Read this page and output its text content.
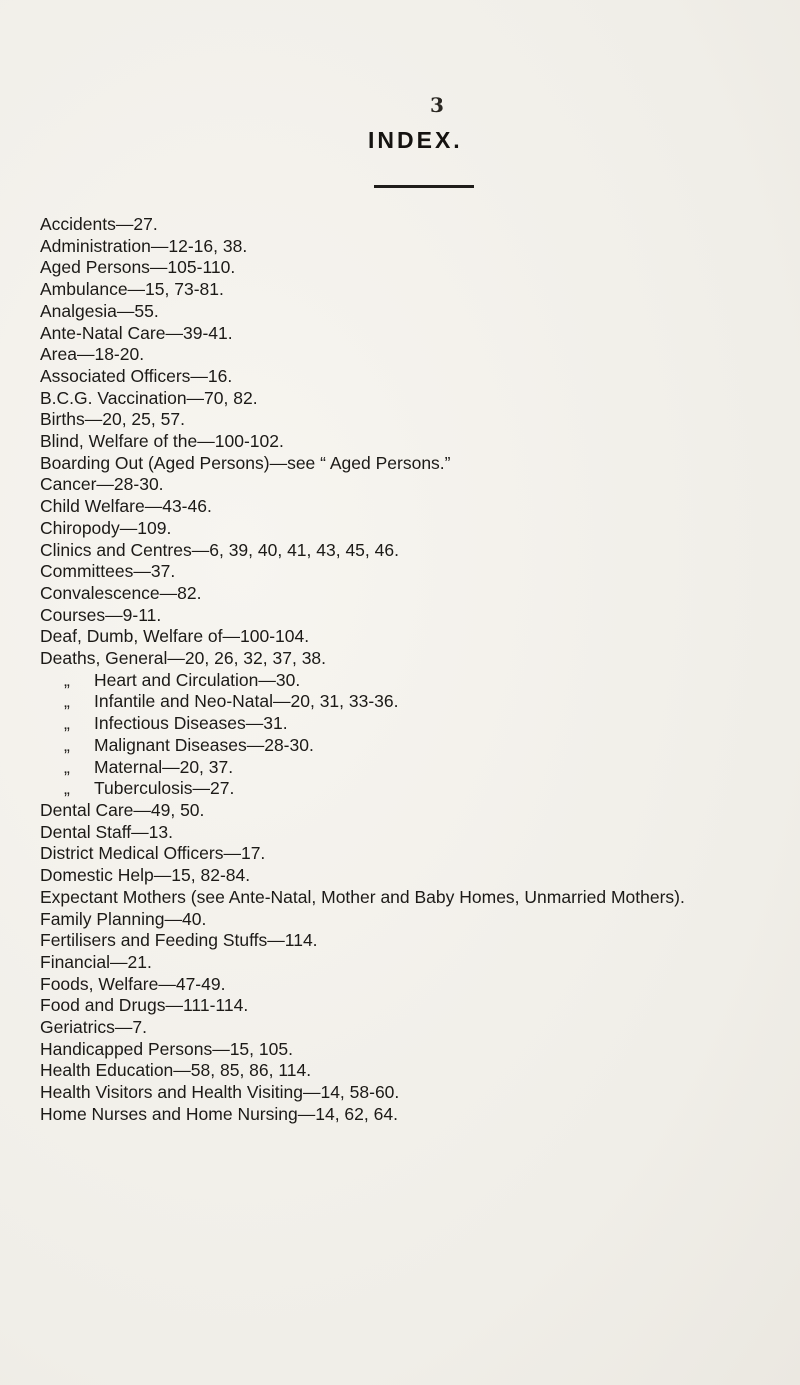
3
INDEX.
Accidents—27.
Administration—12-16, 38.
Aged Persons—105-110.
Ambulance—15, 73-81.
Analgesia—55.
Ante-Natal Care—39-41.
Area—18-20.
Associated Officers—16.
B.C.G. Vaccination—70, 82.
Births—20, 25, 57.
Blind, Welfare of the—100-102.
Boarding Out (Aged Persons)—see “ Aged Persons.”
Cancer—28-30.
Child Welfare—43-46.
Chiropody—109.
Clinics and Centres—6, 39, 40, 41, 43, 45, 46.
Committees—37.
Convalescence—82.
Courses—9-11.
Deaf, Dumb, Welfare of—100-104.
Deaths, General—20, 26, 32, 37, 38.
„ Heart and Circulation—30.
„ Infantile and Neo-Natal—20, 31, 33-36.
„ Infectious Diseases—31.
„ Malignant Diseases—28-30.
„ Maternal—20, 37.
„ Tuberculosis—27.
Dental Care—49, 50.
Dental Staff—13.
District Medical Officers—17.
Domestic Help—15, 82-84.
Expectant Mothers (see Ante-Natal, Mother and Baby Homes, Unmarried Mothers).
Family Planning—40.
Fertilisers and Feeding Stuffs—114.
Financial—21.
Foods, Welfare—47-49.
Food and Drugs—111-114.
Geriatrics—7.
Handicapped Persons—15, 105.
Health Education—58, 85, 86, 114.
Health Visitors and Health Visiting—14, 58-60.
Home Nurses and Home Nursing—14, 62, 64.
